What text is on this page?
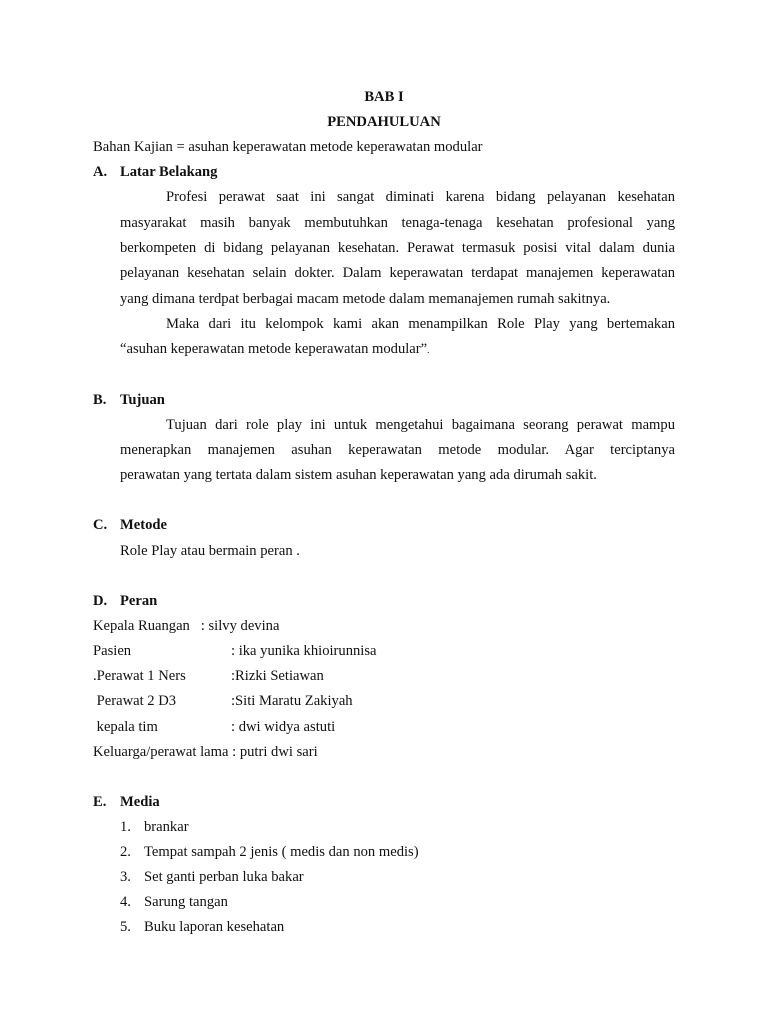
BAB I
PENDAHULUAN
Bahan Kajian = asuhan keperawatan metode keperawatan modular
A. Latar Belakang
Profesi perawat saat ini sangat diminati karena bidang pelayanan kesehatan
masyarakat masih banyak membutuhkan tenaga-tenaga kesehatan profesional yang
berkompeten di bidang pelayanan kesehatan. Perawat termasuk posisi vital dalam dunia
pelayanan kesehatan selain dokter. Dalam keperawatan terdapat manajemen keperawatan
yang dimana terdpat berbagai macam metode dalam memanajemen rumah sakitnya.
Maka dari itu kelompok kami akan menampilkan Role Play yang bertemakan
“asuhan keperawatan metode keperawatan modular”.
B. Tujuan
Tujuan dari role play ini untuk mengetahui bagaimana seorang perawat mampu
menerapkan manajemen asuhan keperawatan metode modular. Agar terciptanya
perawatan yang tertata dalam sistem asuhan keperawatan yang ada dirumah sakit.
C. Metode
Role Play atau bermain peran .
D. Peran
Kepala Ruangan   : silvy devina
Pasien	: ika yunika khioirunnisa
.Perawat 1 Ners	:Rizki Setiawan
Perawat 2 D3	:Siti Maratu Zakiyah
kepala tim	: dwi widya astuti
Keluarga/perawat lama : putri dwi sari
E. Media
1. brankar
2. Tempat sampah 2 jenis ( medis dan non medis)
3. Set ganti perban luka bakar
4. Sarung tangan
5. Buku laporan kesehatan
